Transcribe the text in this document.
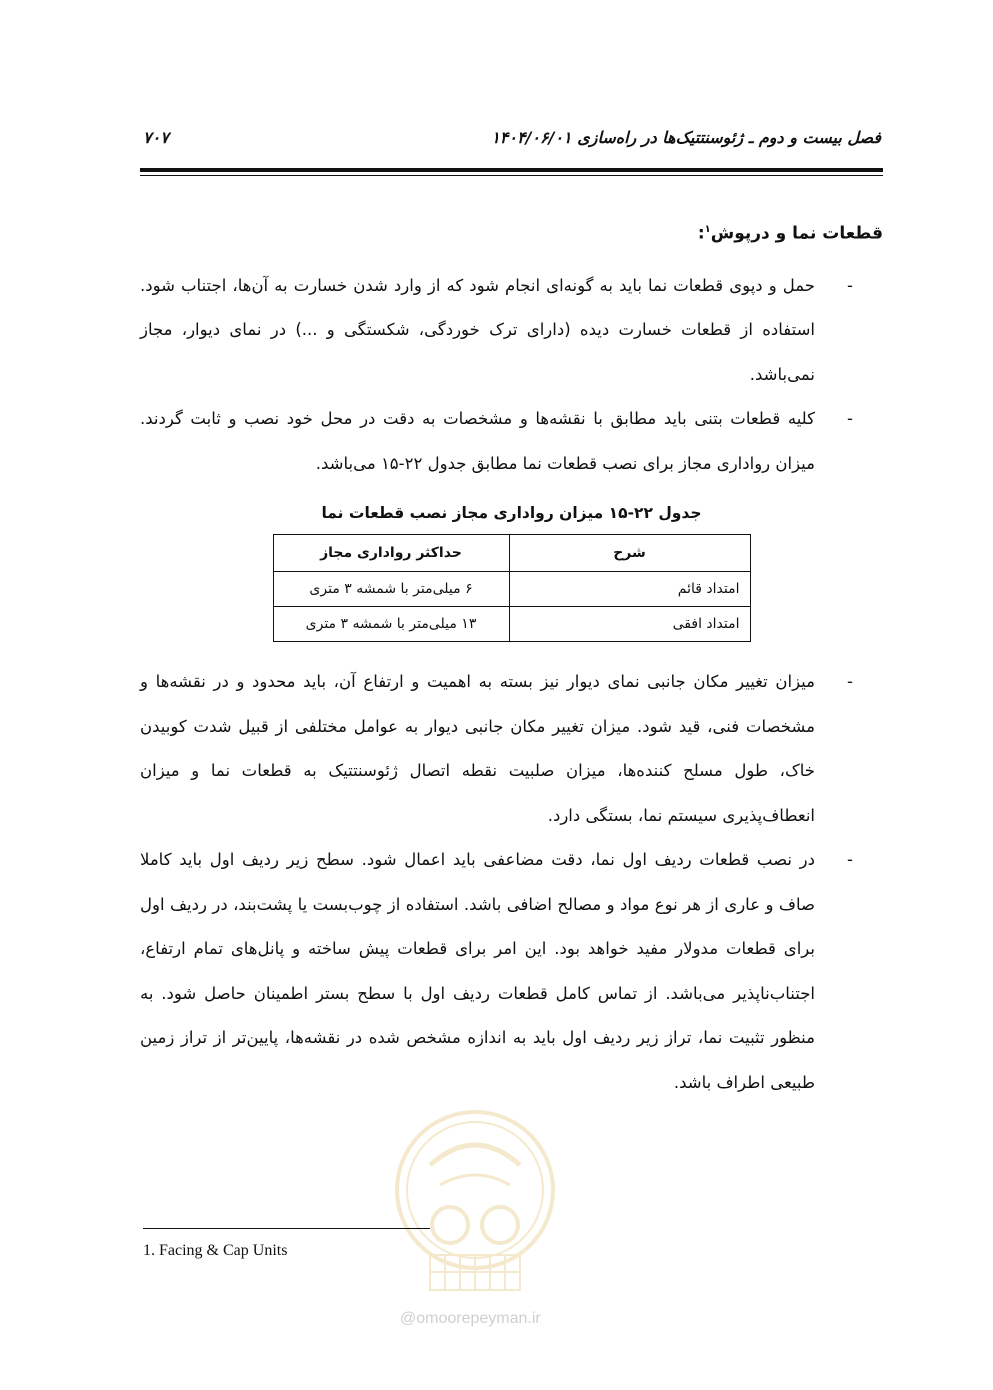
فصل بیست و دوم ـ ژئوسنتتیک‌ها در راه‌سازی ۱۴۰۴/۰۶/۰۱
۷۰۷
قطعات نما و درپوش$^۱$:
-
حمل و دپوی قطعات نما باید به گونه‌ای انجام شود که از وارد شدن خسارت به آن‌ها، اجتناب شود. استفاده از قطعات خسارت دیده (دارای ترک خوردگی، شکستگی و ...) در نمای دیوار، مجاز نمی‌باشد.
-
کلیه قطعات بتنی باید مطابق با نقشه‌ها و مشخصات به دقت در محل خود نصب و ثابت گردند. میزان رواداری مجاز برای نصب قطعات نما مطابق جدول ۲۲-۱۵ می‌باشد.
جدول ۲۲-۱۵ میزان رواداری مجاز نصب قطعات نما
شرح	حداکثر رواداری مجاز
امتداد قائم	۶ میلی‌متر با شمشه ۳ متری
امتداد افقی	۱۳ میلی‌متر با شمشه ۳ متری
-
میزان تغییر مکان جانبی نمای دیوار نیز بسته به اهمیت و ارتفاع آن، باید محدود و در نقشه‌ها و مشخصات فنی، قید شود. میزان تغییر مکان جانبی دیوار به عوامل مختلفی از قبیل شدت کوبیدن خاک، طول مسلح کننده‌ها، میزان صلبیت نقطه اتصال ژئوسنتتیک به قطعات نما و میزان انعطاف‌پذیری سیستم نما، بستگی دارد.
-
در نصب قطعات ردیف اول نما، دقت مضاعفی باید اعمال شود. سطح زیر ردیف اول باید کاملا صاف و عاری از هر نوع مواد و مصالح اضافی باشد. استفاده از چوب‌بست یا پشت‌بند، در ردیف اول برای قطعات مدولار مفید خواهد بود. این امر برای قطعات پیش ساخته و پانل‌های تمام ارتفاع، اجتناب‌ناپذیر می‌باشد. از تماس کامل قطعات ردیف اول با سطح بستر اطمینان حاصل شود. به منظور تثبیت نما، تراز زیر ردیف اول باید به اندازه مشخص شده در نقشه‌ها، پایین‌تر از تراز زمین طبیعی اطراف باشد.
1. Facing & Cap Units
@omoorepeyman.ir
